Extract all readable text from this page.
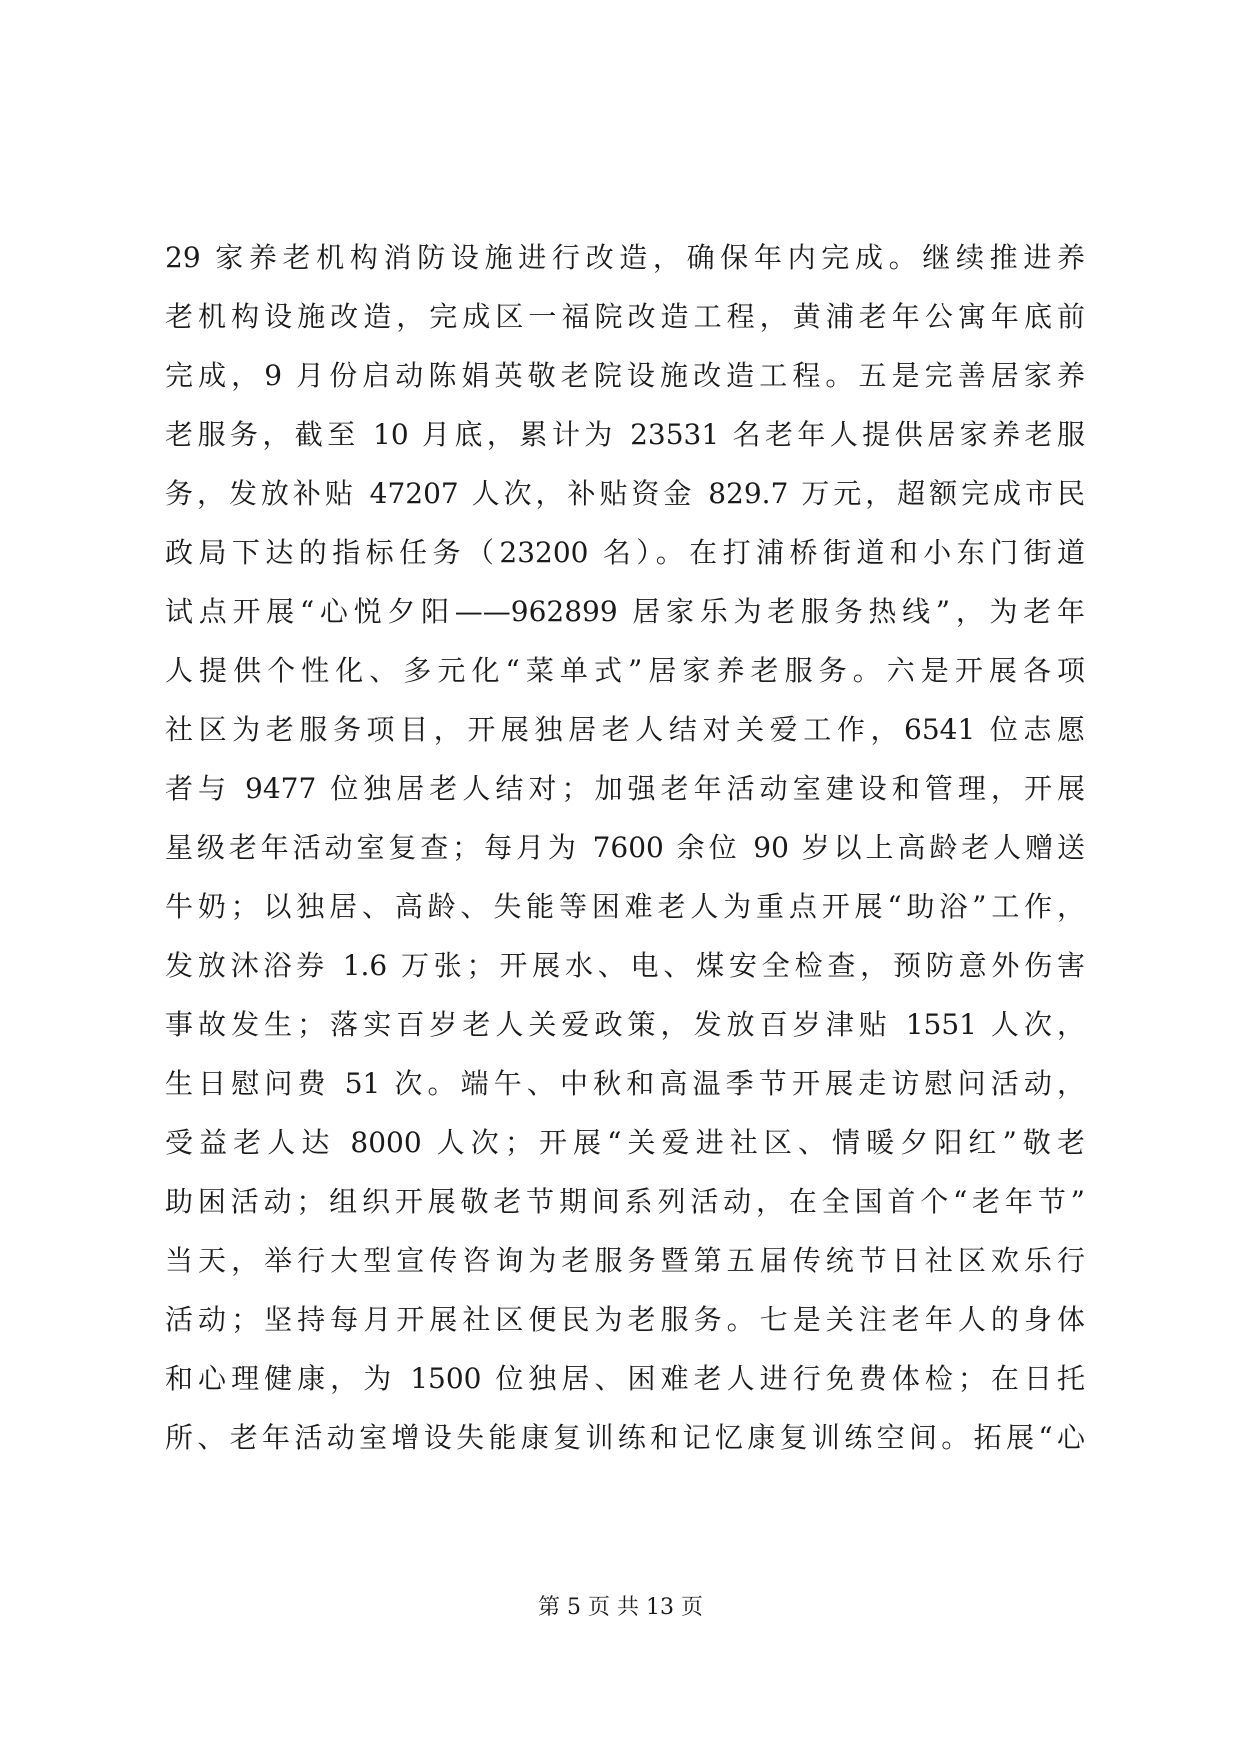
29 家养老机构消防设施进行改造，确保年内完成。继续推进养
老机构设施改造，完成区一福院改造工程，黄浦老年公寓年底前
完成，9 月份启动陈娟英敬老院设施改造工程。五是完善居家养
老服务，截至 10 月底，累计为 23531 名老年人提供居家养老服
务，发放补贴 47207 人次，补贴资金 829.7 万元，超额完成市民
政局下达的指标任务（23200 名）。在打浦桥街道和小东门街道
试点开展“心悦夕阳——962899 居家乐为老服务热线”，为老年
人提供个性化、多元化“菜单式”居家养老服务。六是开展各项
社区为老服务项目，开展独居老人结对关爱工作，6541 位志愿
者与 9477 位独居老人结对；加强老年活动室建设和管理，开展
星级老年活动室复查；每月为 7600 余位 90 岁以上高龄老人赠送
牛奶；以独居、高龄、失能等困难老人为重点开展“助浴”工作，
发放沐浴券 1.6 万张；开展水、电、煤安全检查，预防意外伤害
事故发生；落实百岁老人关爱政策，发放百岁津贴 1551 人次，
生日慰问费 51 次。端午、中秋和高温季节开展走访慰问活动，
受益老人达 8000 人次；开展“关爱进社区、情暖夕阳红”敬老
助困活动；组织开展敬老节期间系列活动，在全国首个“老年节”
当天，举行大型宣传咨询为老服务暨第五届传统节日社区欢乐行
活动；坚持每月开展社区便民为老服务。七是关注老年人的身体
和心理健康，为 1500 位独居、困难老人进行免费体检；在日托
所、老年活动室增设失能康复训练和记忆康复训练空间。拓展“心
第 5 页 共 13 页
